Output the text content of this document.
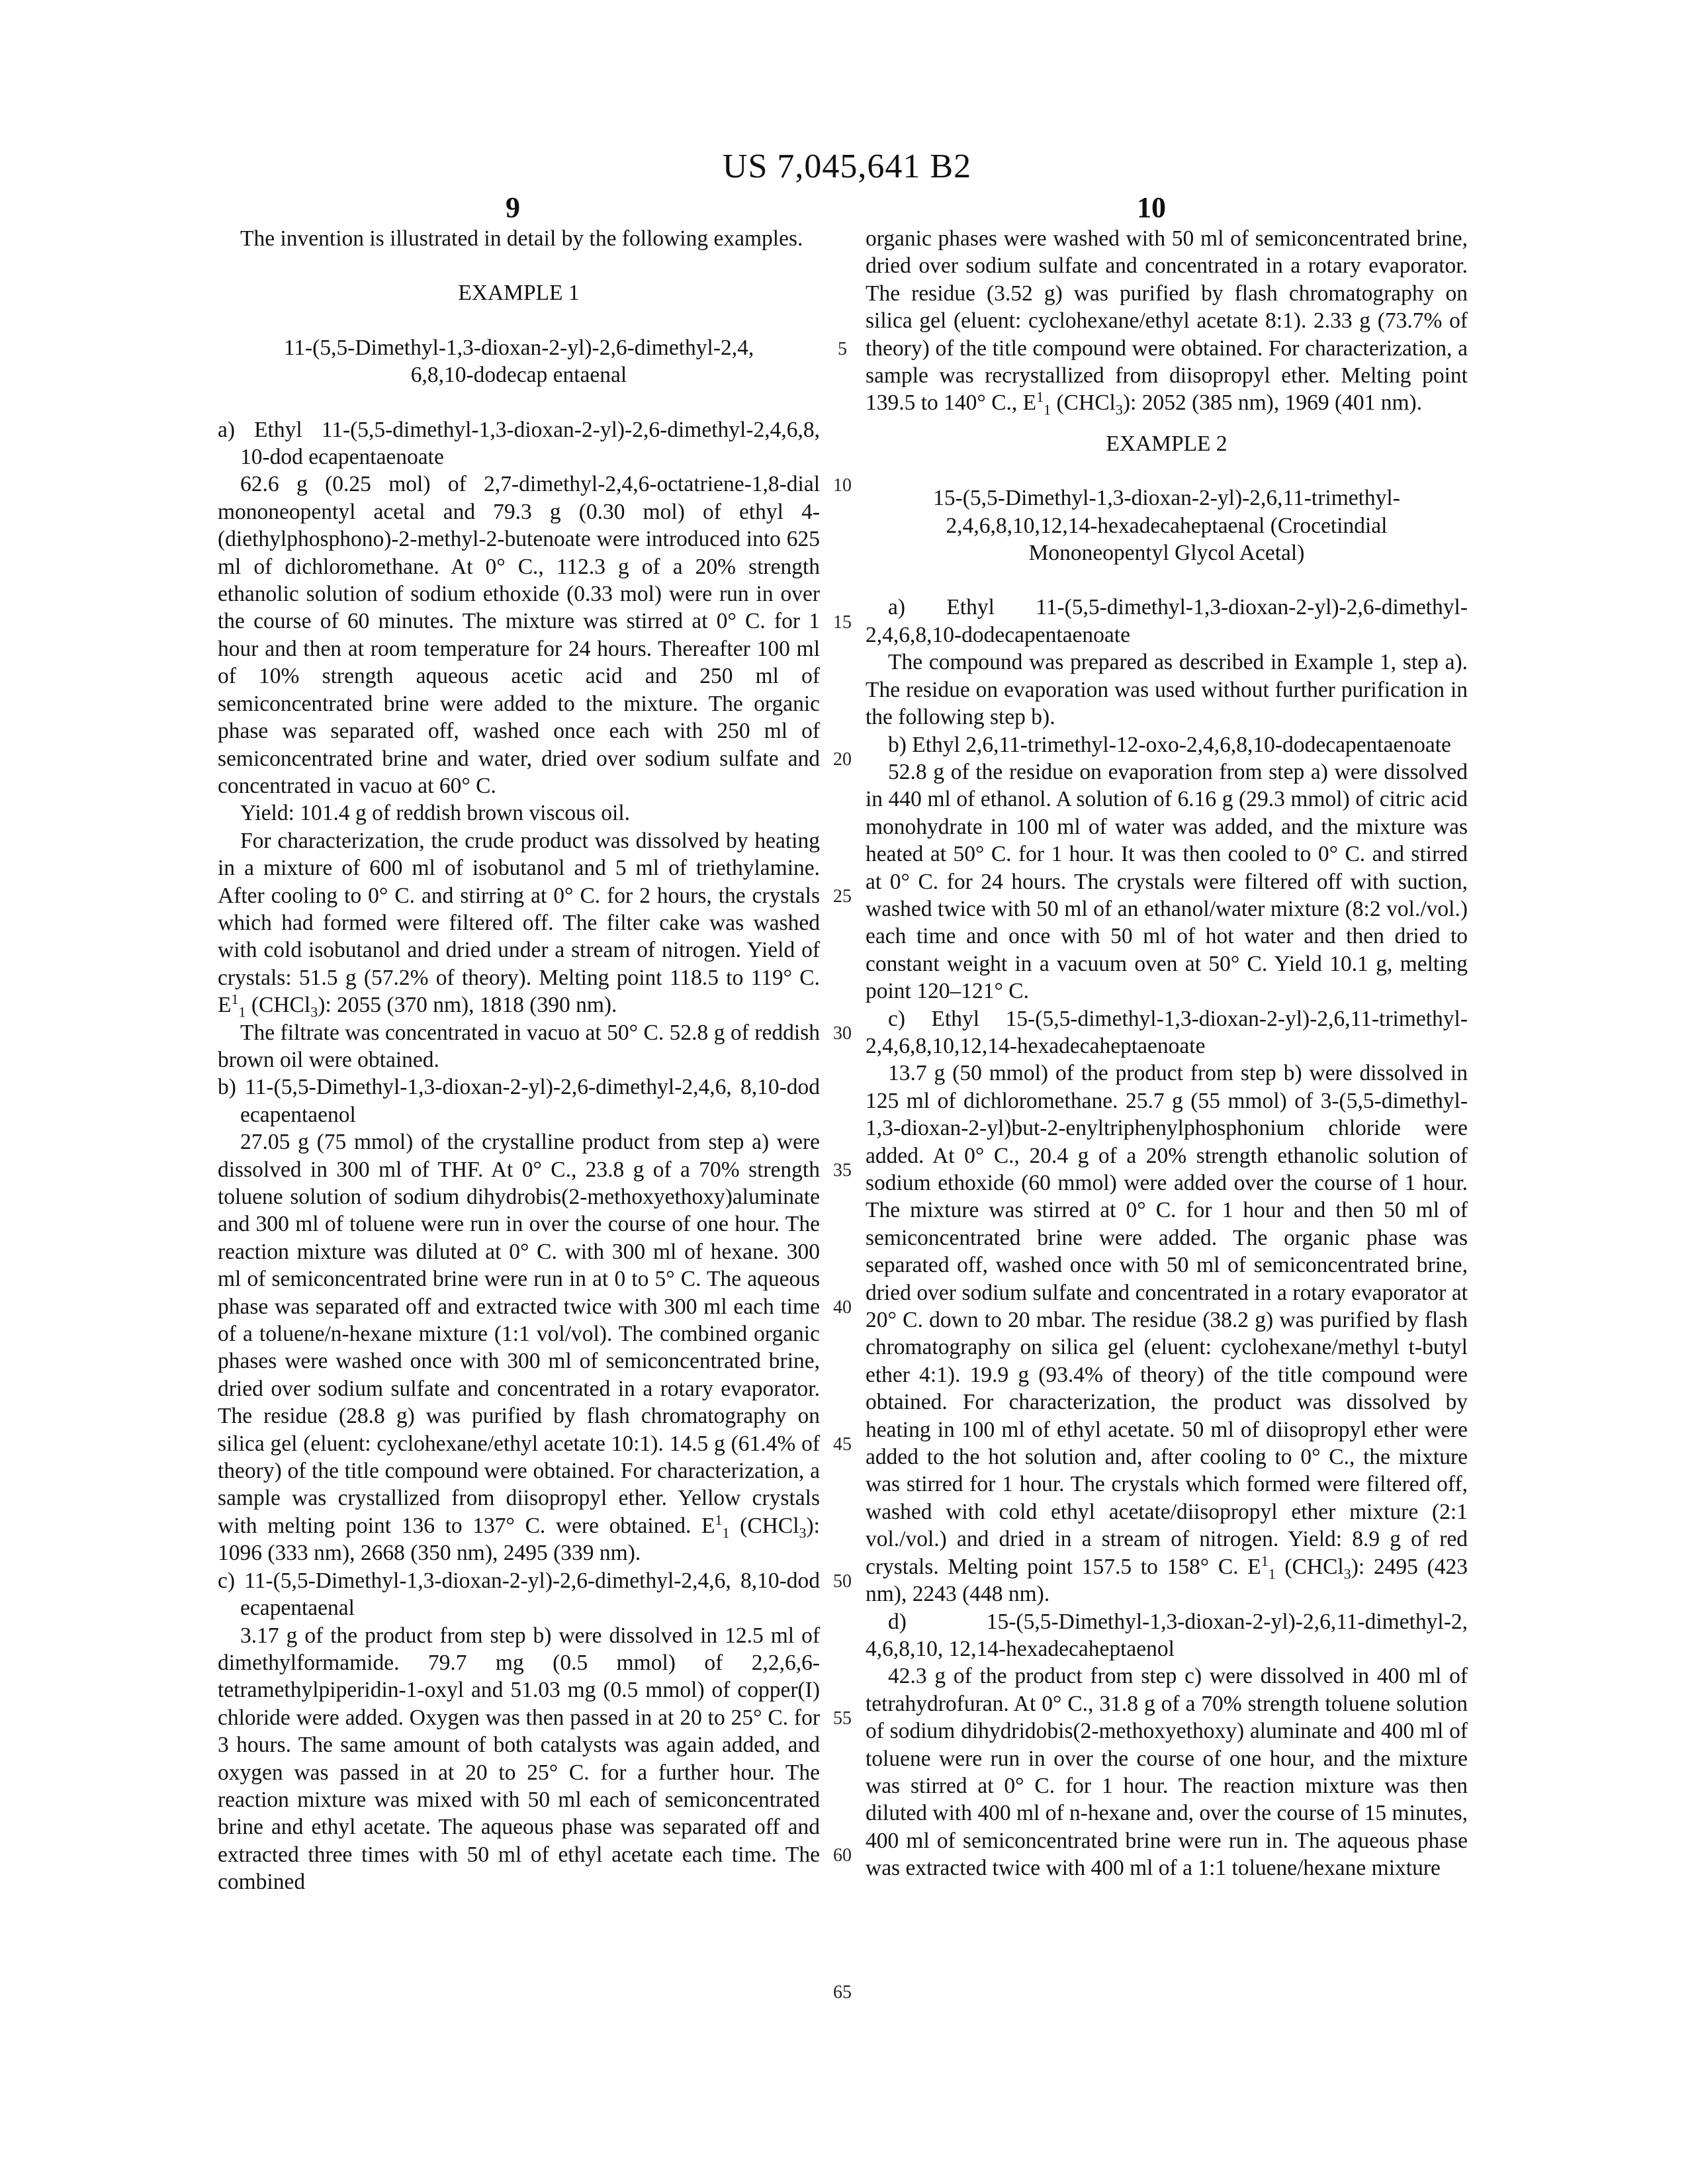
US 7,045,641 B2
9	10
5
10
15
20
25
30
35
40
45
50
55
60
65

The invention is illustrated in detail by the following examples.

EXAMPLE 1

11-(5,5-Dimethyl-1,3-dioxan-2-yl)-2,6-dimethyl-2,4,

6,8,10-dodecap entaenal

a) Ethyl 11-(5,5-dimethyl-1,3-dioxan-2-yl)-2,6-dimethyl-2,4,6,8, 10-dod ecapentaenoate

62.6 g (0.25 mol) of 2,7-dimethyl-2,4,6-octatriene-1,8-dial mononeopentyl acetal and 79.3 g (0.30 mol) of ethyl 4-(diethylphosphono)-2-methyl-2-butenoate were introduced into 625 ml of dichloromethane. At 0° C., 112.3 g of a 20% strength ethanolic solution of sodium ethoxide (0.33 mol) were run in over the course of 60 minutes. The mixture was stirred at 0° C. for 1 hour and then at room temperature for 24 hours. Thereafter 100 ml of 10% strength aqueous acetic acid and 250 ml of semiconcentrated brine were added to the mixture. The organic phase was separated off, washed once each with 250 ml of semiconcentrated brine and water, dried over sodium sulfate and concentrated in vacuo at 60° C.

Yield: 101.4 g of reddish brown viscous oil.

For characterization, the crude product was dissolved by heating in a mixture of 600 ml of isobutanol and 5 ml of triethylamine. After cooling to 0° C. and stirring at 0° C. for 2 hours, the crystals which had formed were filtered off. The filter cake was washed with cold isobutanol and dried under a stream of nitrogen. Yield of crystals: 51.5 g (57.2% of theory). Melting point 118.5 to 119° C. E11 (CHCl3): 2055 (370 nm), 1818 (390 nm).

The filtrate was concentrated in vacuo at 50° C. 52.8 g of reddish brown oil were obtained.

b) 11-(5,5-Dimethyl-1,3-dioxan-2-yl)-2,6-dimethyl-2,4,6, 8,10-dod ecapentaenol

27.05 g (75 mmol) of the crystalline product from step a) were dissolved in 300 ml of THF. At 0° C., 23.8 g of a 70% strength toluene solution of sodium dihydrobis(2-methoxyethoxy)aluminate and 300 ml of toluene were run in over the course of one hour. The reaction mixture was diluted at 0° C. with 300 ml of hexane. 300 ml of semiconcentrated brine were run in at 0 to 5° C. The aqueous phase was separated off and extracted twice with 300 ml each time of a toluene/n-hexane mixture (1:1 vol/vol). The combined organic phases were washed once with 300 ml of semiconcentrated brine, dried over sodium sulfate and concentrated in a rotary evaporator. The residue (28.8 g) was purified by flash chromatography on silica gel (eluent: cyclohexane/ethyl acetate 10:1). 14.5 g (61.4% of theory) of the title compound were obtained. For characterization, a sample was crystallized from diisopropyl ether. Yellow crystals with melting point 136 to 137° C. were obtained. E11 (CHCl3): 1096 (333 nm), 2668 (350 nm), 2495 (339 nm).

c) 11-(5,5-Dimethyl-1,3-dioxan-2-yl)-2,6-dimethyl-2,4,6, 8,10-dod ecapentaenal

3.17 g of the product from step b) were dissolved in 12.5 ml of dimethylformamide. 79.7 mg (0.5 mmol) of 2,2,6,6-tetramethylpiperidin-1-oxyl and 51.03 mg (0.5 mmol) of copper(I) chloride were added. Oxygen was then passed in at 20 to 25° C. for 3 hours. The same amount of both catalysts was again added, and oxygen was passed in at 20 to 25° C. for a further hour. The reaction mixture was mixed with 50 ml each of semiconcentrated brine and ethyl acetate. The aqueous phase was separated off and extracted three times with 50 ml of ethyl acetate each time. The combined

organic phases were washed with 50 ml of semiconcentrated brine, dried over sodium sulfate and concentrated in a rotary evaporator. The residue (3.52 g) was purified by flash chromatography on silica gel (eluent: cyclohexane/ethyl acetate 8:1). 2.33 g (73.7% of theory) of the title compound were obtained. For characterization, a sample was recrystallized from diisopropyl ether. Melting point 139.5 to 140° C., E11 (CHCl3): 2052 (385 nm), 1969 (401 nm).

EXAMPLE 2

15-(5,5-Dimethyl-1,3-dioxan-2-yl)-2,6,11-trimethyl-

2,4,6,8,10,12,14-hexadecaheptaenal (Crocetindial

Mononeopentyl Glycol Acetal)

a) Ethyl 11-(5,5-dimethyl-1,3-dioxan-2-yl)-2,6-dimethyl-2,4,6,8,10-dodecapentaenoate

The compound was prepared as described in Example 1, step a). The residue on evaporation was used without further purification in the following step b).

b) Ethyl 2,6,11-trimethyl-12-oxo-2,4,6,8,10-dodecapentaenoate

52.8 g of the residue on evaporation from step a) were dissolved in 440 ml of ethanol. A solution of 6.16 g (29.3 mmol) of citric acid monohydrate in 100 ml of water was added, and the mixture was heated at 50° C. for 1 hour. It was then cooled to 0° C. and stirred at 0° C. for 24 hours. The crystals were filtered off with suction, washed twice with 50 ml of an ethanol/water mixture (8:2 vol./vol.) each time and once with 50 ml of hot water and then dried to constant weight in a vacuum oven at 50° C. Yield 10.1 g, melting point 120–121° C.

c) Ethyl 15-(5,5-dimethyl-1,3-dioxan-2-yl)-2,6,11-trimethyl-2,4,6,8,10,12,14-hexadecaheptaenoate

13.7 g (50 mmol) of the product from step b) were dissolved in 125 ml of dichloromethane. 25.7 g (55 mmol) of 3-(5,5-dimethyl-1,3-dioxan-2-yl)but-2-enyltriphenylphosphonium chloride were added. At 0° C., 20.4 g of a 20% strength ethanolic solution of sodium ethoxide (60 mmol) were added over the course of 1 hour. The mixture was stirred at 0° C. for 1 hour and then 50 ml of semiconcentrated brine were added. The organic phase was separated off, washed once with 50 ml of semiconcentrated brine, dried over sodium sulfate and concentrated in a rotary evaporator at 20° C. down to 20 mbar. The residue (38.2 g) was purified by flash chromatography on silica gel (eluent: cyclohexane/methyl t-butyl ether 4:1). 19.9 g (93.4% of theory) of the title compound were obtained. For characterization, the product was dissolved by heating in 100 ml of ethyl acetate. 50 ml of diisopropyl ether were added to the hot solution and, after cooling to 0° C., the mixture was stirred for 1 hour. The crystals which formed were filtered off, washed with cold ethyl acetate/diisopropyl ether mixture (2:1 vol./vol.) and dried in a stream of nitrogen. Yield: 8.9 g of red crystals. Melting point 157.5 to 158° C. E11 (CHCl3): 2495 (423 nm), 2243 (448 nm).

d) 15-(5,5-Dimethyl-1,3-dioxan-2-yl)-2,6,11-dimethyl-2, 4,6,8,10, 12,14-hexadecaheptaenol

42.3 g of the product from step c) were dissolved in 400 ml of tetrahydrofuran. At 0° C., 31.8 g of a 70% strength toluene solution of sodium dihydridobis(2-methoxyethoxy) aluminate and 400 ml of toluene were run in over the course of one hour, and the mixture was stirred at 0° C. for 1 hour. The reaction mixture was then diluted with 400 ml of n-hexane and, over the course of 15 minutes, 400 ml of semiconcentrated brine were run in. The aqueous phase was extracted twice with 400 ml of a 1:1 toluene/hexane mixture
